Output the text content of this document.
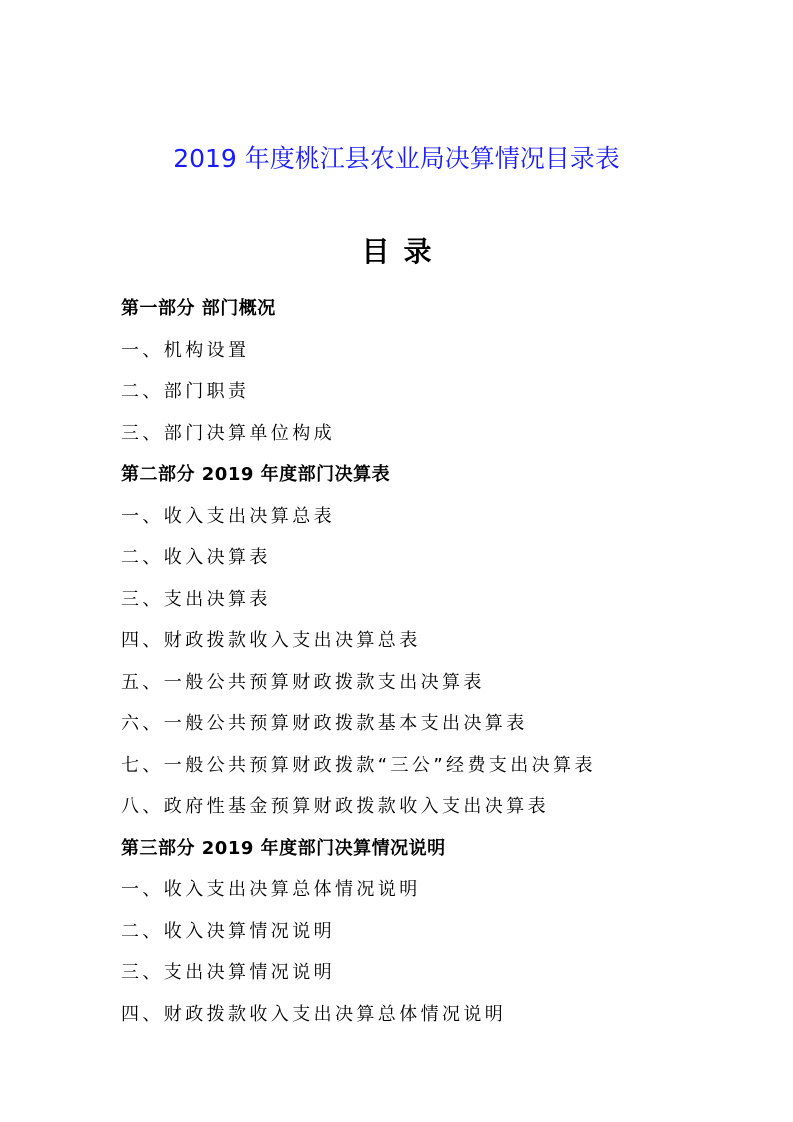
2019 年度桃江县农业局决算情况目录表
目录
第一部分 部门概况
一、机构设置
二、部门职责
三、部门决算单位构成
第二部分 2019 年度部门决算表
一、收入支出决算总表
二、收入决算表
三、支出决算表
四、财政拨款收入支出决算总表
五、一般公共预算财政拨款支出决算表
六、一般公共预算财政拨款基本支出决算表
七、一般公共预算财政拨款“三公”经费支出决算表
八、政府性基金预算财政拨款收入支出决算表
第三部分 2019 年度部门决算情况说明
一、收入支出决算总体情况说明
二、收入决算情况说明
三、支出决算情况说明
四、财政拨款收入支出决算总体情况说明
